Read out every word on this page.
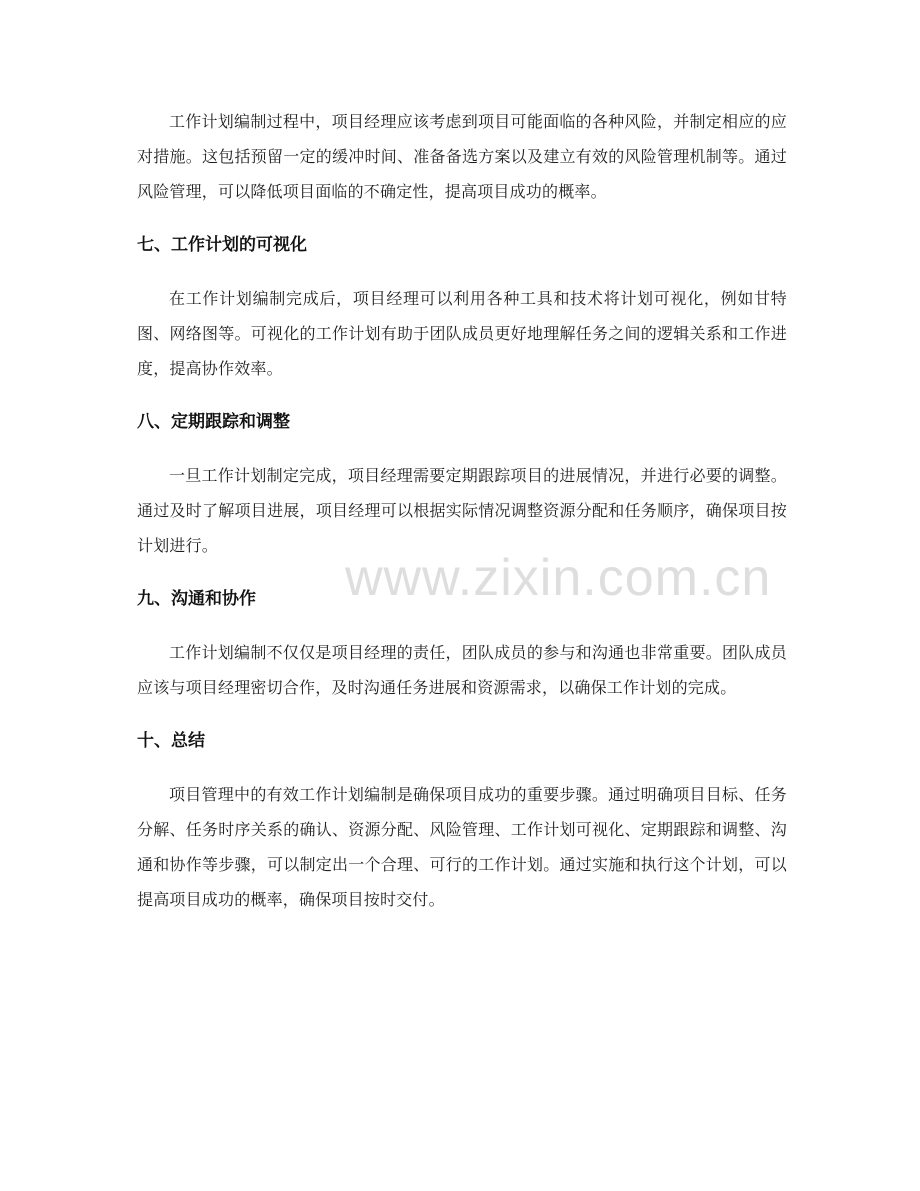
工作计划编制过程中，项目经理应该考虑到项目可能面临的各种风险，并制定相应的应对措施。这包括预留一定的缓冲时间、准备备选方案以及建立有效的风险管理机制等。通过风险管理，可以降低项目面临的不确定性，提高项目成功的概率。

七、工作计划的可视化

在工作计划编制完成后，项目经理可以利用各种工具和技术将计划可视化，例如甘特图、网络图等。可视化的工作计划有助于团队成员更好地理解任务之间的逻辑关系和工作进度，提高协作效率。

八、定期跟踪和调整

一旦工作计划制定完成，项目经理需要定期跟踪项目的进展情况，并进行必要的调整。通过及时了解项目进展，项目经理可以根据实际情况调整资源分配和任务顺序，确保项目按计划进行。

九、沟通和协作

工作计划编制不仅仅是项目经理的责任，团队成员的参与和沟通也非常重要。团队成员应该与项目经理密切合作，及时沟通任务进展和资源需求，以确保工作计划的完成。

十、总结

项目管理中的有效工作计划编制是确保项目成功的重要步骤。通过明确项目目标、任务分解、任务时序关系的确认、资源分配、风险管理、工作计划可视化、定期跟踪和调整、沟通和协作等步骤，可以制定出一个合理、可行的工作计划。通过实施和执行这个计划，可以提高项目成功的概率，确保项目按时交付。

www.zixin.com.cn
